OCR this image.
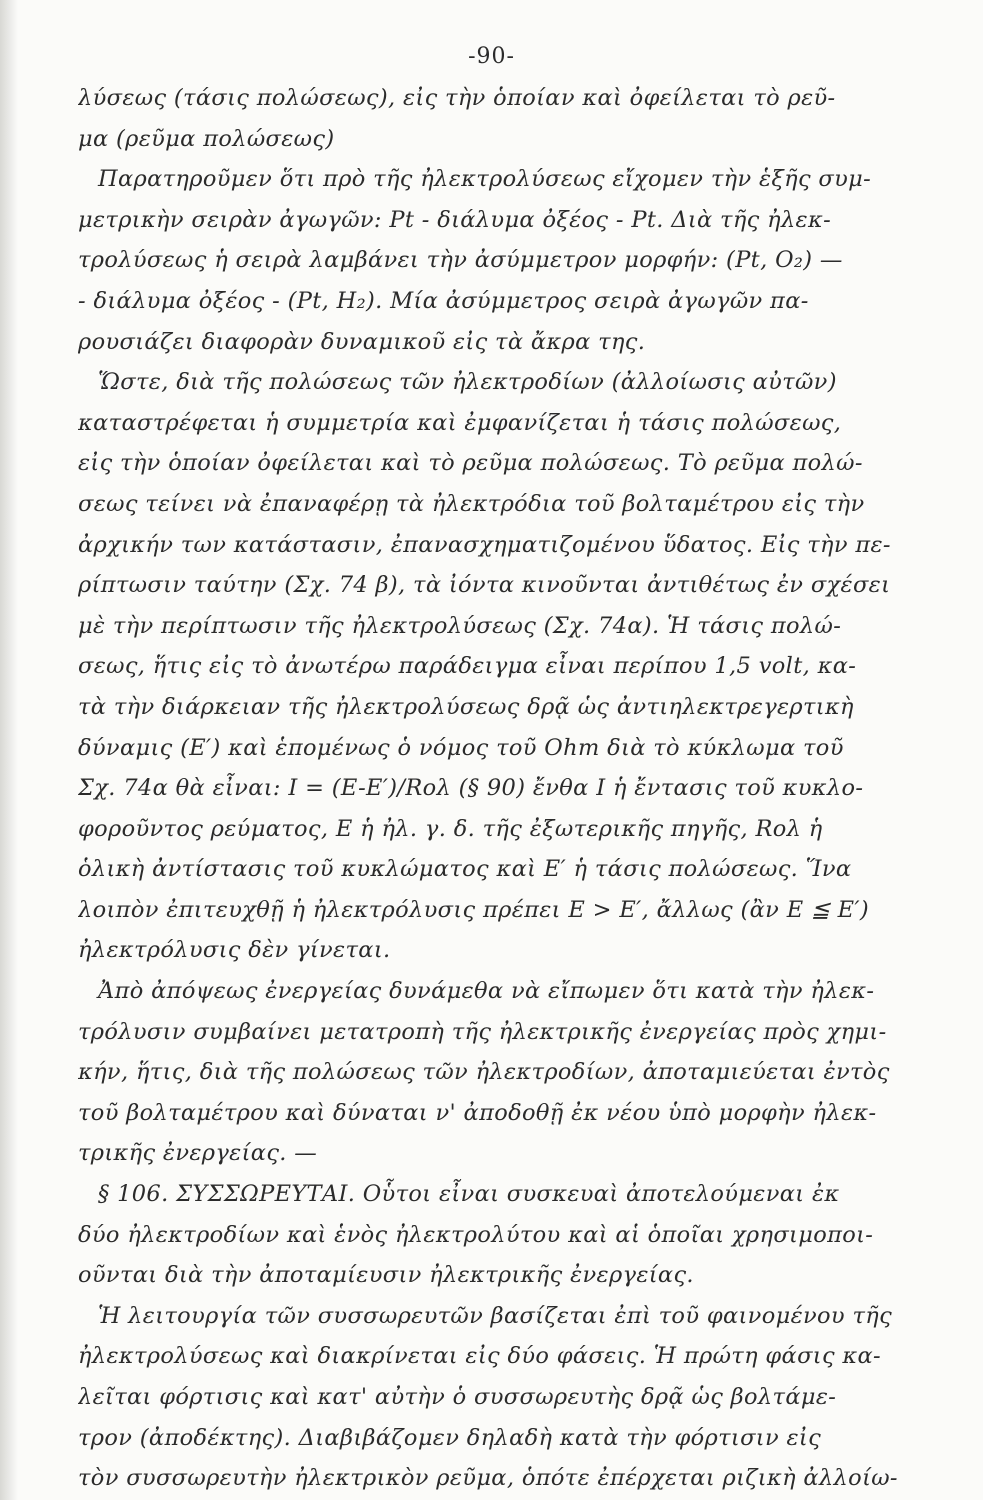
-90-
λύσεως (τάσις πολώσεως), εἰς τὴν ὁποίαν καὶ ὀφείλεται τὸ ρεῦ-
μα (ρεῦμα πολώσεως)
Παρατηροῦμεν ὅτι πρὸ τῆς ἠλεκτρολύσεως εἴχομεν τὴν ἑξῆς συμ-
μετρικὴν σειρὰν ἀγωγῶν: Pt - διάλυμα ὀξέος - Pt. Διὰ τῆς ἠλεκ-
τρολύσεως ἡ σειρὰ λαμβάνει τὴν ἀσύμμετρον μορφήν: (Pt, O₂) —
- διάλυμα ὀξέος - (Pt, H₂). Μία ἀσύμμετρος σειρὰ ἀγωγῶν πα-
ρουσιάζει διαφορὰν δυναμικοῦ εἰς τὰ ἄκρα της.
Ὥστε, διὰ τῆς πολώσεως τῶν ἠλεκτροδίων (ἀλλοίωσις αὐτῶν)
καταστρέφεται ἡ συμμετρία καὶ ἐμφανίζεται ἡ τάσις πολώσεως,
εἰς τὴν ὁποίαν ὀφείλεται καὶ τὸ ρεῦμα πολώσεως. Τὸ ρεῦμα πολώ-
σεως τείνει νὰ ἐπαναφέρῃ τὰ ἠλεκτρόδια τοῦ βολταμέτρου εἰς τὴν
ἀρχικήν των κατάστασιν, ἐπανασχηματιζομένου ὕδατος. Εἰς τὴν πε-
ρίπτωσιν ταύτην (Σχ. 74 β), τὰ ἰόντα κινοῦνται ἀντιθέτως ἐν σχέσει
μὲ τὴν περίπτωσιν τῆς ἠλεκτρολύσεως (Σχ. 74α). Ἡ τάσις πολώ-
σεως, ἥτις εἰς τὸ ἀνωτέρω παράδειγμα εἶναι περίπου 1,5 volt, κα-
τὰ τὴν διάρκειαν τῆς ἠλεκτρολύσεως δρᾷ ὡς ἀντιηλεκτρεγερτικὴ
δύναμις (E′) καὶ ἑπομένως ὁ νόμος τοῦ Ohm διὰ τὸ κύκλωμα τοῦ
Σχ. 74α θὰ εἶναι: I = (E-E′)/Rολ (§ 90) ἔνθα I ἡ ἔντασις τοῦ κυκλο-
φοροῦντος ρεύματος, E ἡ ἠλ. γ. δ. τῆς ἐξωτερικῆς πηγῆς, Rολ ἡ
ὁλικὴ ἀντίστασις τοῦ κυκλώματος καὶ E′ ἡ τάσις πολώσεως. Ἵνα
λοιπὸν ἐπιτευχθῇ ἡ ἠλεκτρόλυσις πρέπει E > E′, ἄλλως (ἂν E ≦ E′)
ἠλεκτρόλυσις δὲν γίνεται.
Ἀπὸ ἀπόψεως ἐνεργείας δυνάμεθα νὰ εἴπωμεν ὅτι κατὰ τὴν ἠλεκ-
τρόλυσιν συμβαίνει μετατροπὴ τῆς ἠλεκτρικῆς ἐνεργείας πρὸς χημι-
κήν, ἥτις, διὰ τῆς πολώσεως τῶν ἠλεκτροδίων, ἀποταμιεύεται ἐντὸς
τοῦ βολταμέτρου καὶ δύναται ν' ἀποδοθῇ ἐκ νέου ὑπὸ μορφὴν ἠλεκ-
τρικῆς ἐνεργείας. —
§ 106. ΣΥΣΣΩΡΕΥΤΑΙ. Οὗτοι εἶναι συσκευαὶ ἀποτελούμεναι ἐκ
δύο ἠλεκτροδίων καὶ ἑνὸς ἠλεκτρολύτου καὶ αἱ ὁποῖαι χρησιμοποι-
οῦνται διὰ τὴν ἀποταμίευσιν ἠλεκτρικῆς ἐνεργείας.
Ἡ λειτουργία τῶν συσσωρευτῶν βασίζεται ἐπὶ τοῦ φαινομένου τῆς
ἠλεκτρολύσεως καὶ διακρίνεται εἰς δύο φάσεις. Ἡ πρώτη φάσις κα-
λεῖται φόρτισις καὶ κατ' αὐτὴν ὁ συσσωρευτὴς δρᾷ ὡς βολτάμε-
τρον (ἀποδέκτης). Διαβιβάζομεν δηλαδὴ κατὰ τὴν φόρτισιν εἰς
τὸν συσσωρευτὴν ἠλεκτρικὸν ρεῦμα, ὁπότε ἐπέρχεται ριζικὴ ἀλλοίω-
